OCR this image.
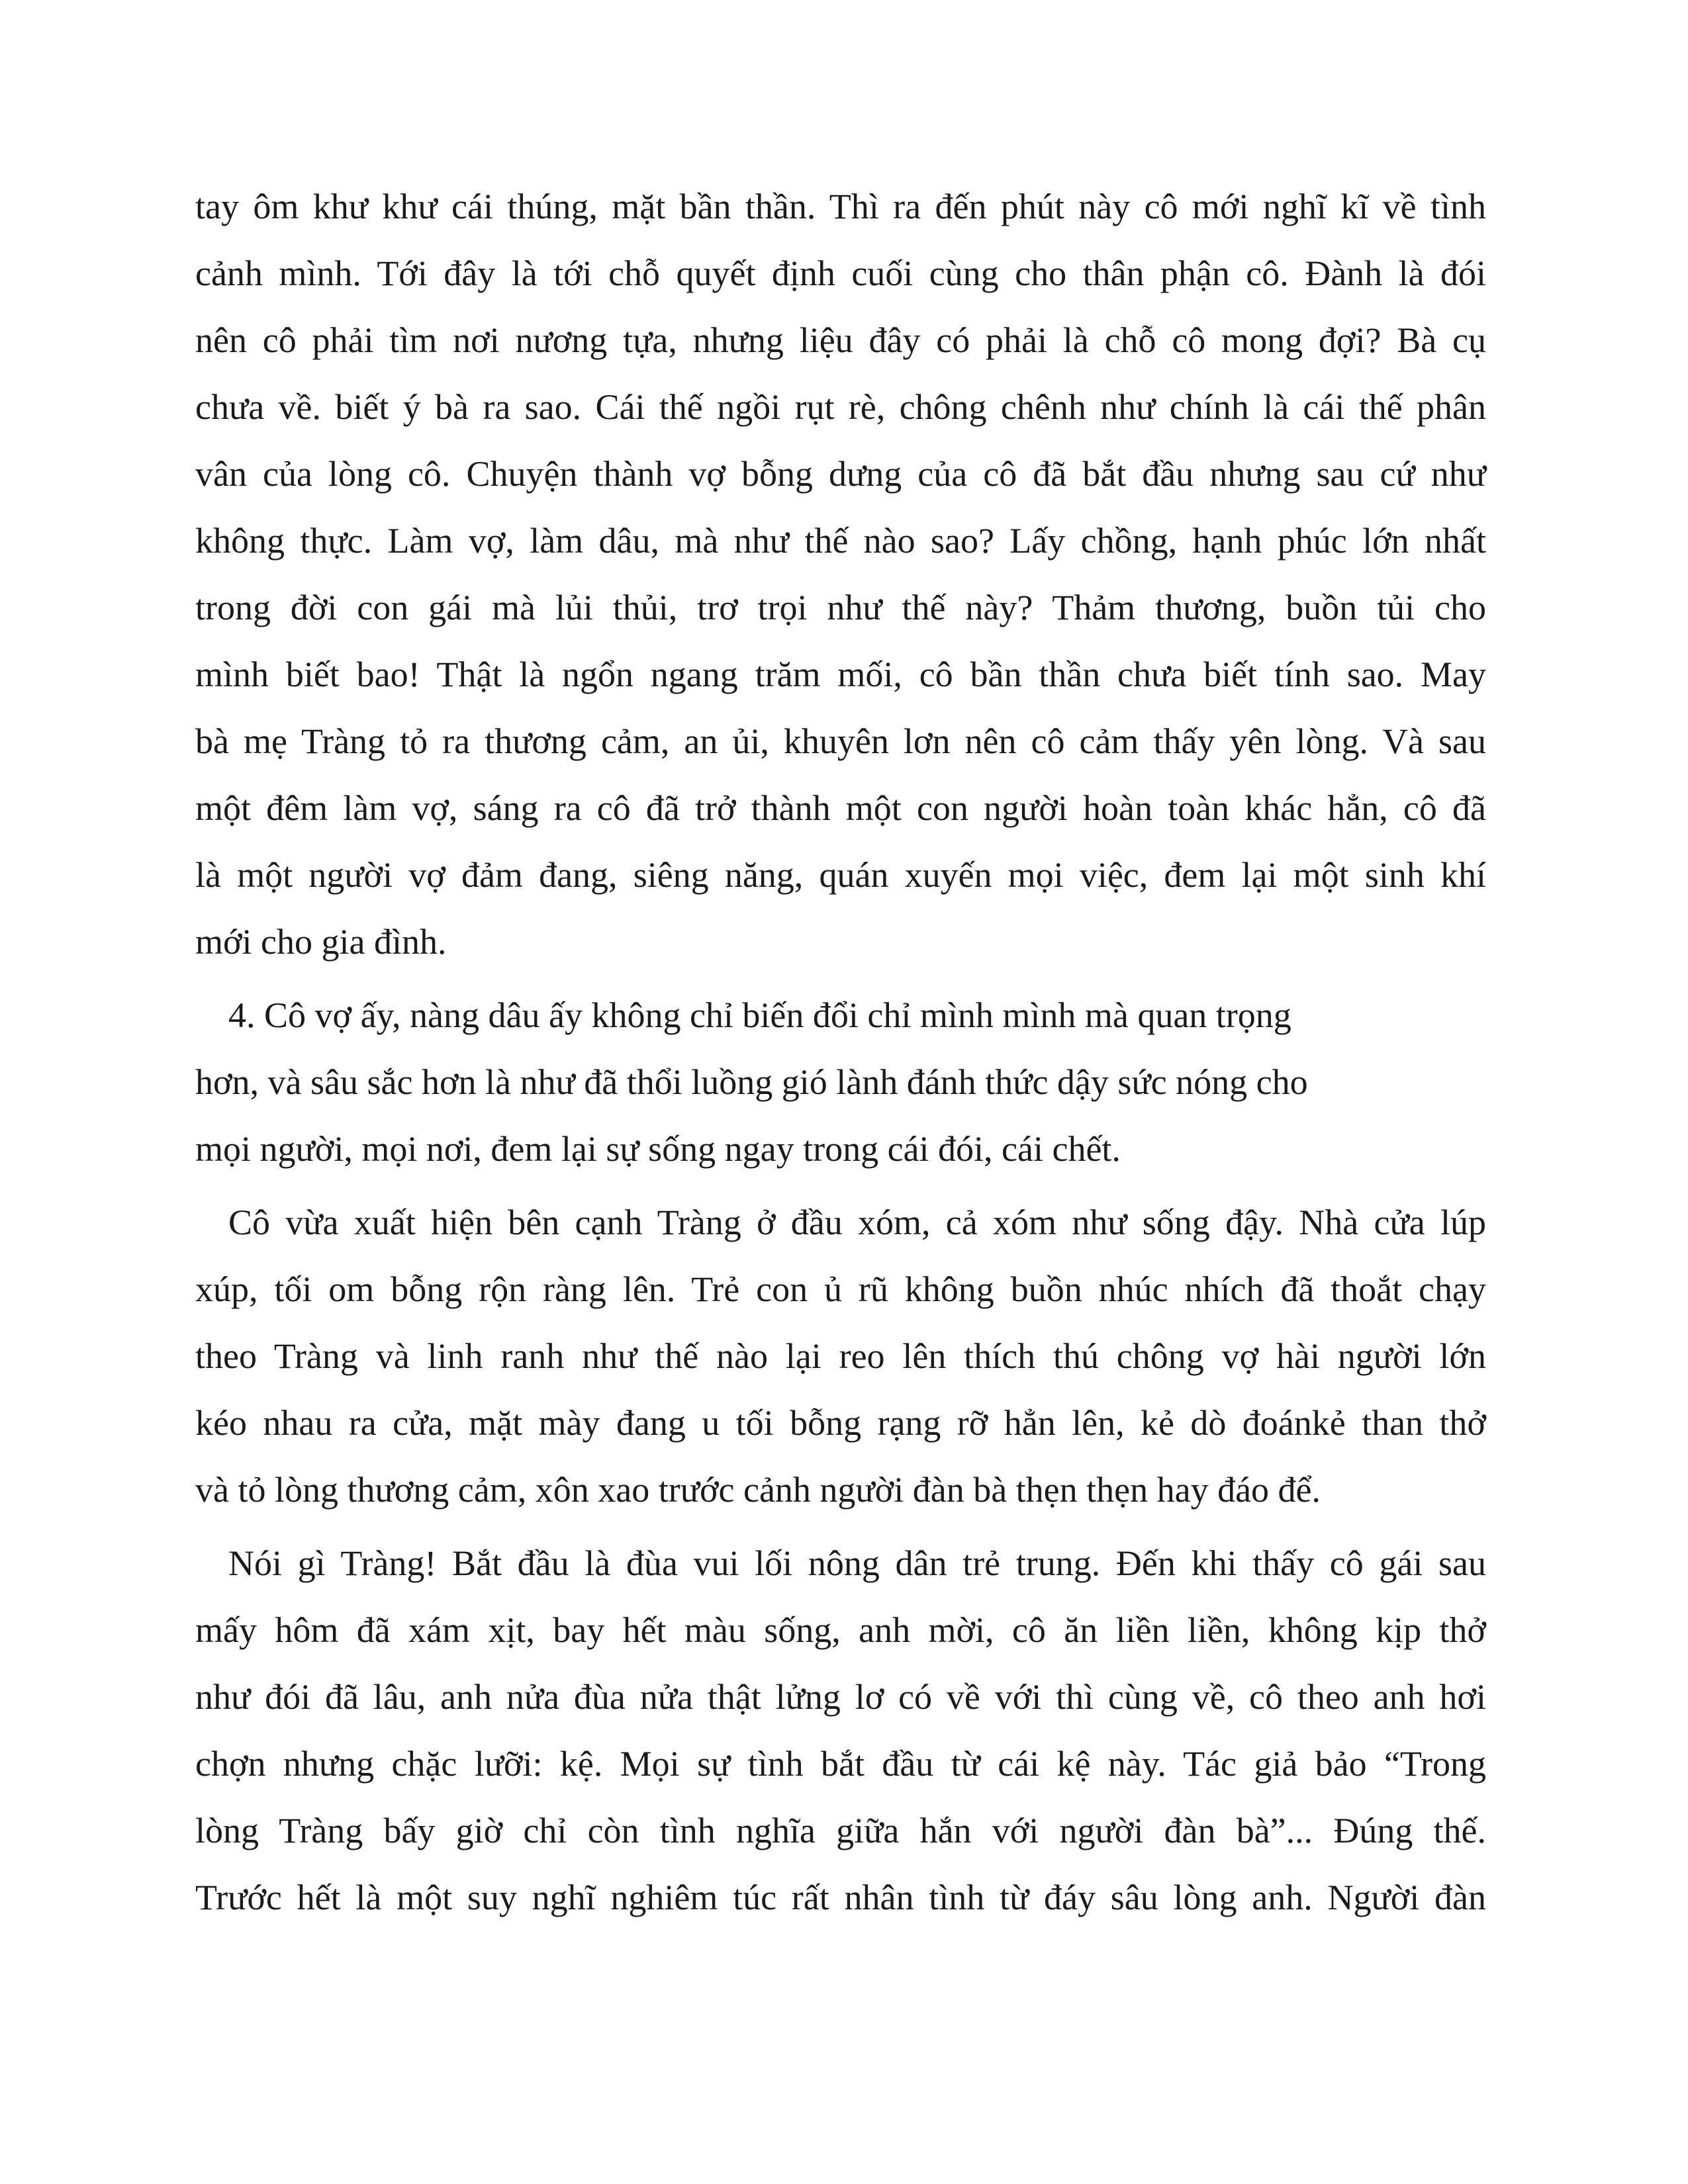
tay ôm khư khư cái thúng, mặt bần thần. Thì ra đến phút này cô mới nghĩ kĩ về tình
cảnh mình. Tới đây là tới chỗ quyết định cuối cùng cho thân phận cô. Đành là đói
nên cô phải tìm nơi nương tựa, nhưng liệu đây có phải là chỗ cô mong đợi? Bà cụ
chưa về. biết ý bà ra sao. Cái thế ngồi rụt rè, chông chênh như chính là cái thế phân
vân của lòng cô. Chuyện thành vợ bỗng dưng của cô đã bắt đầu nhưng sau cứ như
không thực. Làm vợ, làm dâu, mà như thế nào sao? Lấy chồng, hạnh phúc lớn nhất
trong đời con gái mà lủi thủi, trơ trọi như thế này? Thảm thương, buồn tủi cho
mình biết bao! Thật là ngổn ngang trăm mối, cô bần thần chưa biết tính sao. May
bà mẹ Tràng tỏ ra thương cảm, an ủi, khuyên lơn nên cô cảm thấy yên lòng. Và sau
một đêm làm vợ, sáng ra cô đã trở thành một con người hoàn toàn khác hẳn, cô đã
là một người vợ đảm đang, siêng năng, quán xuyến mọi việc, đem lại một sinh khí
mới cho gia đình.
4. Cô vợ ấy, nàng dâu ấy không chỉ biến đổi chỉ mình mình mà quan trọng
hơn, và sâu sắc hơn là như đã thổi luồng gió lành đánh thức dậy sức nóng cho
mọi người, mọi nơi, đem lại sự sống ngay trong cái đói, cái chết.
Cô vừa xuất hiện bên cạnh Tràng ở đầu xóm, cả xóm như sống đậy. Nhà cửa lúp
xúp, tối om bỗng rộn ràng lên. Trẻ con ủ rũ không buồn nhúc nhích đã thoắt chạy
theo Tràng và linh ranh như thế nào lại reo lên thích thú chông vợ hài người lớn
kéo nhau ra cửa, mặt mày đang u tối bỗng rạng rỡ hẳn lên, kẻ dò đoánkẻ than thở
và tỏ lòng thương cảm, xôn xao trước cảnh người đàn bà thẹn thẹn hay đáo để.
Nói gì Tràng! Bắt đầu là đùa vui lối nông dân trẻ trung. Đến khi thấy cô gái sau
mấy hôm đã xám xịt, bay hết màu sống, anh mời, cô ăn liền liền, không kịp thở
như đói đã lâu, anh nửa đùa nửa thật lửng lơ có về với thì cùng về, cô theo anh hơi
chợn nhưng chặc lưỡi: kệ. Mọi sự tình bắt đầu từ cái kệ này. Tác giả bảo “Trong
lòng Tràng bấy giờ chỉ còn tình nghĩa giữa hắn với người đàn bà”... Đúng thế.
Trước hết là một suy nghĩ nghiêm túc rất nhân tình từ đáy sâu lòng anh. Người đàn
